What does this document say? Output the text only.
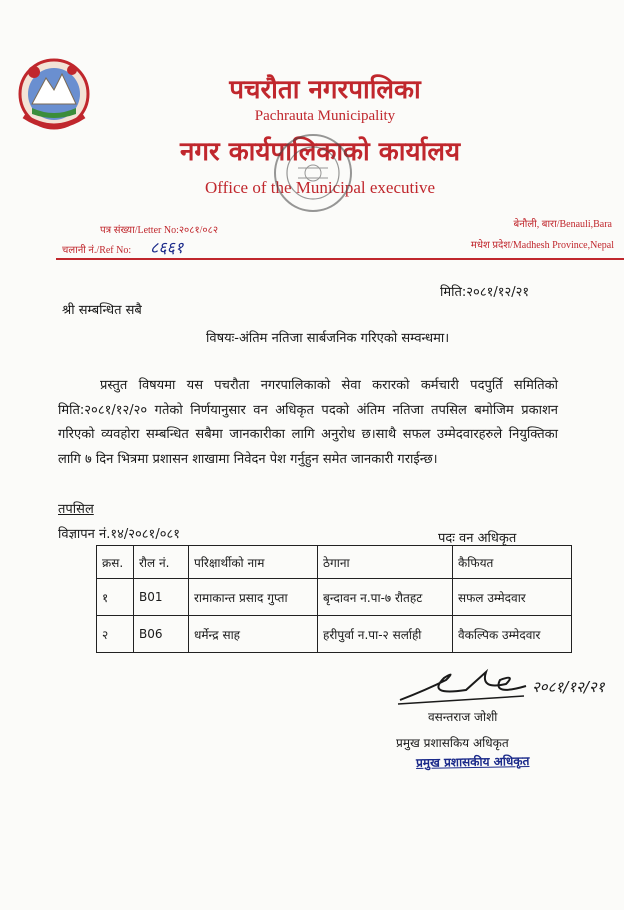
पचरौता नगरपालिका
Pachrauta Municipality
नगर कार्यपालिकाको कार्यालय
Office of the Municipal executive
पत्र संख्या/Letter No:२०८१/०८२
चलानी नं./Ref No: ८६६१
बेनौली, बारा/Benauli,Bara
मधेश प्रदेश/Madhesh Province,Nepal
मिति:२०८१/१२/२१
श्री सम्बन्धित सबै
विषयः-अंतिम नतिजा सार्बजनिक गरिएको सम्वन्धमा।
प्रस्तुत विषयमा यस पचरौता नगरपालिकाको सेवा करारको कर्मचारी पदपुर्ति समितिको मिति:२०८१/१२/२० गतेको निर्णयानुसार वन अधिकृत पदको अंतिम नतिजा तपसिल बमोजिम प्रकाशन गरिएको व्यवहोरा सम्बन्धित सबैमा जानकारीका लागि अनुरोध छ।साथै सफल उम्मेदवारहरुले नियुक्तिका लागि ७ दिन भित्रमा प्रशासन शाखामा निवेदन पेश गर्नुहुन समेत जानकारी गराईन्छ।
तपसिल
विज्ञापन नं.१४/२०८१/०८१	पदः वन अधिकृत
क्रस.	रौल नं.	परिक्षार्थीको नाम	ठेगाना	कैफियत
१	B01	रामाकान्त प्रसाद गुप्ता	बृन्दावन न.पा-७ रौतहट	सफल उम्मेदवार
२	B06	धर्मेन्द्र साह	हरीपुर्वा न.पा-२ सर्लाही	वैकल्पिक उम्मेदवार
२०८१/१२/२१
वसन्तराज जोशी
प्रमुख प्रशासकिय अधिकृत
प्रमुख प्रशासकीय अधिकृत
